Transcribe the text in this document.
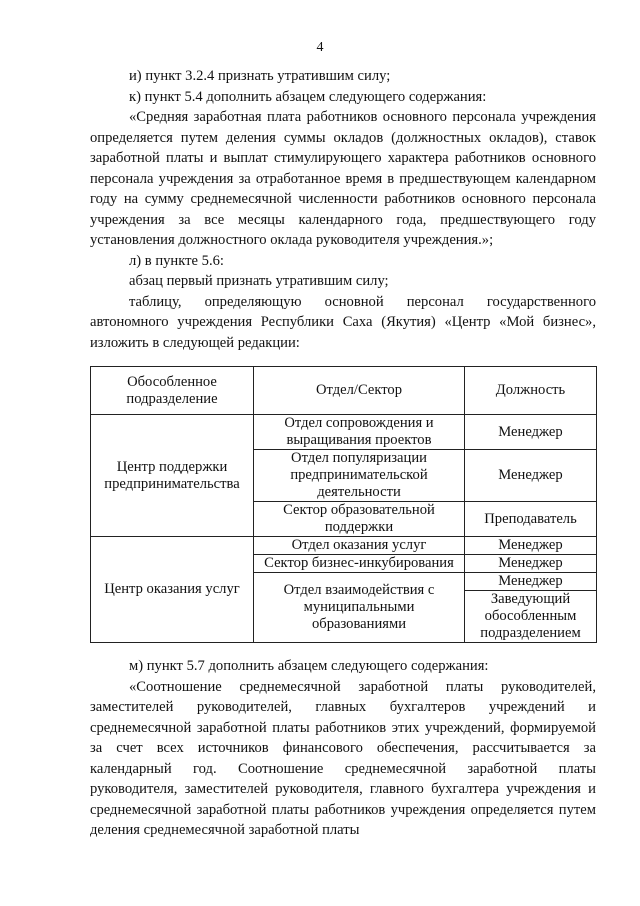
4

и) пункт 3.2.4 признать утратившим силу;

к) пункт 5.4 дополнить абзацем следующего содержания:

«Средняя заработная плата работников основного персонала учреждения определяется путем деления суммы окладов (должностных окладов), ставок заработной платы и выплат стимулирующего характера работников основного персонала учреждения за отработанное время в предшествующем календарном году на сумму среднемесячной численности работников основного персонала учреждения за все месяцы календарного года, предшествующего году установления должностного оклада руководителя учреждения.»;

л) в пункте 5.6:

абзац первый признать утратившим силу;

таблицу, определяющую основной персонал государственного автономного учреждения Республики Саха (Якутия) «Центр «Мой бизнес», изложить в следующей редакции:

Обособленное подразделение	Отдел/Сектор	Должность
Центр поддержки предпринимательства	Отдел сопровождения и выращивания проектов	Менеджер
	Отдел популяризации предпринимательской деятельности	Менеджер
	Сектор образовательной поддержки	Преподаватель
Центр оказания услуг	Отдел оказания услуг	Менеджер
	Сектор бизнес-инкубирования	Менеджер
	Отдел взаимодействия с муниципальными образованиями	Менеджер
		Заведующий обособленным подразделением

м) пункт 5.7 дополнить абзацем следующего содержания:

«Соотношение среднемесячной заработной платы руководителей, заместителей руководителей, главных бухгалтеров учреждений и среднемесячной заработной платы работников этих учреждений, формируемой за счет всех источников финансового обеспечения, рассчитывается за календарный год. Соотношение среднемесячной заработной платы руководителя, заместителей руководителя, главного бухгалтера учреждения и среднемесячной заработной платы работников учреждения определяется путем деления среднемесячной заработной платы
